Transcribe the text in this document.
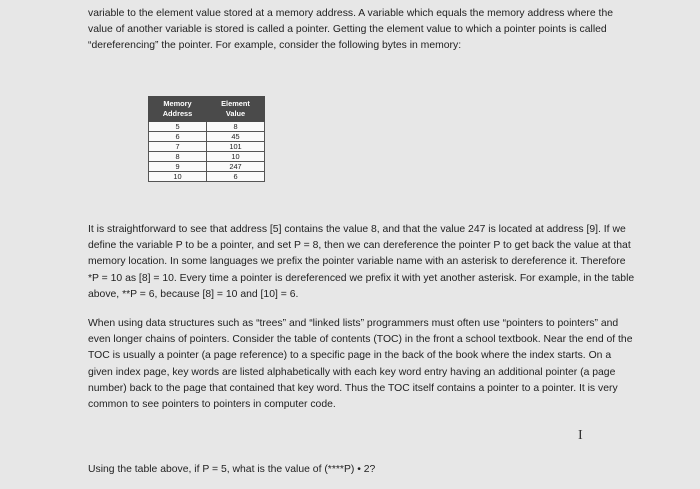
variable to the element value stored at a memory address. A variable which equals the memory address where the value of another variable is stored is called a pointer. Getting the element value to which a pointer points is called “dereferencing” the pointer. For example, consider the following bytes in memory:

Memory Address	Element Value
5	8
6	45
7	101
8	10
9	247
10	6

It is straightforward to see that address [5] contains the value 8, and that the value 247 is located at address [9]. If we define the variable P to be a pointer, and set P = 8, then we can dereference the pointer P to get back the value at that memory location. In some languages we prefix the pointer variable name with an asterisk to dereference it. Therefore *P = 10 as [8] = 10. Every time a pointer is dereferenced we prefix it with yet another asterisk. For example, in the table above, **P = 6, because [8] = 10 and [10] = 6.

When using data structures such as “trees” and “linked lists” programmers must often use “pointers to pointers” and even longer chains of pointers. Consider the table of contents (TOC) in the front a school textbook. Near the end of the TOC is usually a pointer (a page reference) to a specific page in the back of the book where the index starts. On a given index page, key words are listed alphabetically with each key word entry having an additional pointer (a page number) back to the page that contained that key word. Thus the TOC itself contains a pointer to a pointer. It is very common to see pointers to pointers in computer code.

I

Using the table above, if P = 5, what is the value of (****P) • 2?
